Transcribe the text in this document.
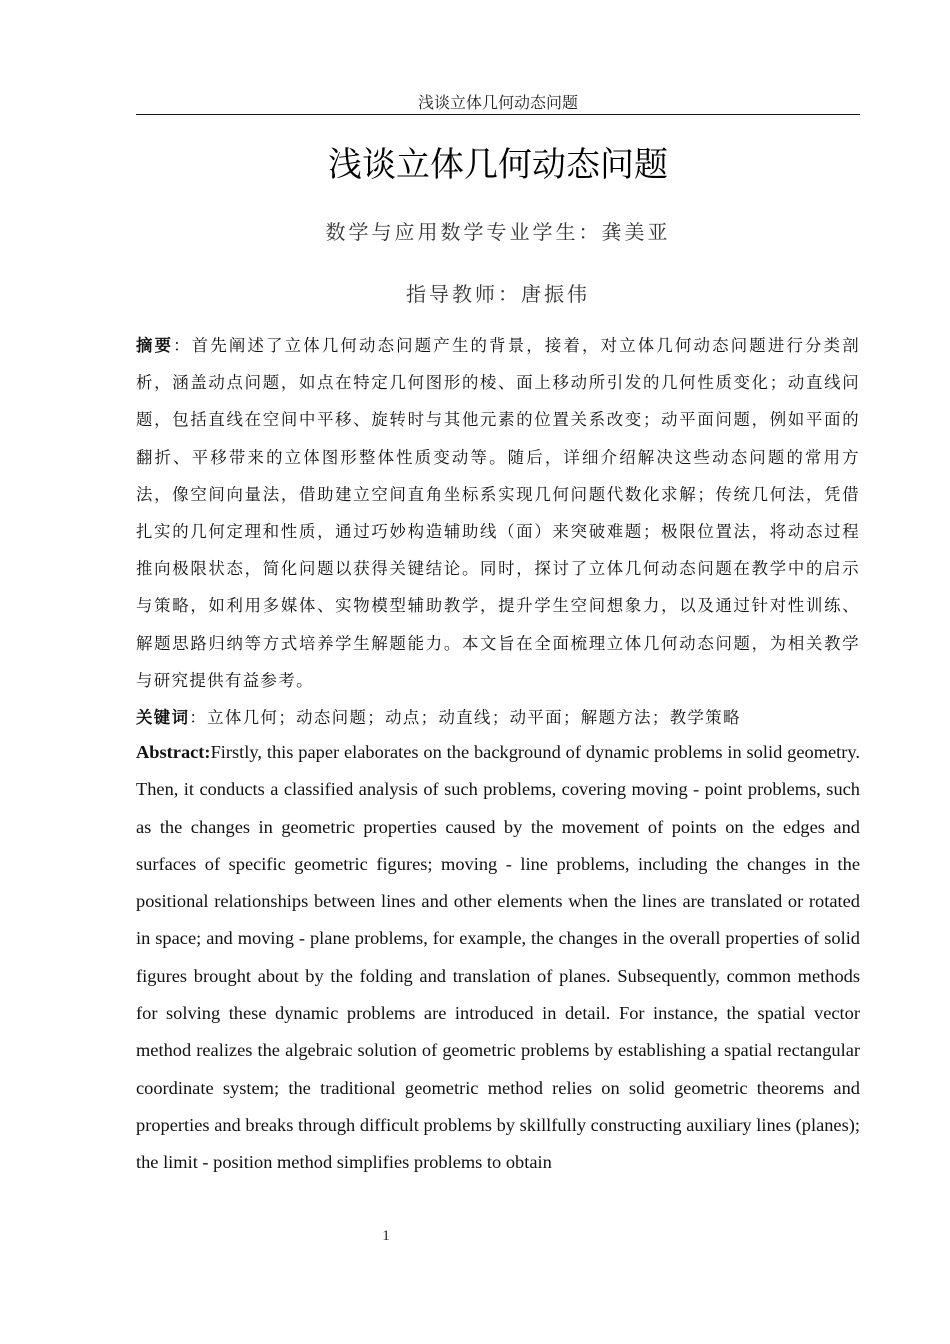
浅谈立体几何动态问题
浅谈立体几何动态问题
数学与应用数学专业学生：龚美亚
指导教师：唐振伟
摘要：首先阐述了立体几何动态问题产生的背景，接着，对立体几何动态问题进行分类剖析，涵盖动点问题，如点在特定几何图形的棱、面上移动所引发的几何性质变化；动直线问题，包括直线在空间中平移、旋转时与其他元素的位置关系改变；动平面问题，例如平面的翻折、平移带来的立体图形整体性质变动等。随后，详细介绍解决这些动态问题的常用方法，像空间向量法，借助建立空间直角坐标系实现几何问题代数化求解；传统几何法，凭借扎实的几何定理和性质，通过巧妙构造辅助线（面）来突破难题；极限位置法，将动态过程推向极限状态，简化问题以获得关键结论。同时，探讨了立体几何动态问题在教学中的启示与策略，如利用多媒体、实物模型辅助教学，提升学生空间想象力，以及通过针对性训练、解题思路归纳等方式培养学生解题能力。本文旨在全面梳理立体几何动态问题，为相关教学与研究提供有益参考。
关键词：立体几何；动态问题；动点；动直线；动平面；解题方法；教学策略
Abstract:Firstly, this paper elaborates on the background of dynamic problems in solid geometry. Then, it conducts a classified analysis of such problems, covering moving - point problems, such as the changes in geometric properties caused by the movement of points on the edges and surfaces of specific geometric figures; moving - line problems, including the changes in the positional relationships between lines and other elements when the lines are translated or rotated in space; and moving - plane problems, for example, the changes in the overall properties of solid figures brought about by the folding and translation of planes. Subsequently, common methods for solving these dynamic problems are introduced in detail. For instance, the spatial vector method realizes the algebraic solution of geometric problems by establishing a spatial rectangular coordinate system; the traditional geometric method relies on solid geometric theorems and properties and breaks through difficult problems by skillfully constructing auxiliary lines (planes); the limit - position method simplifies problems to obtain
1
